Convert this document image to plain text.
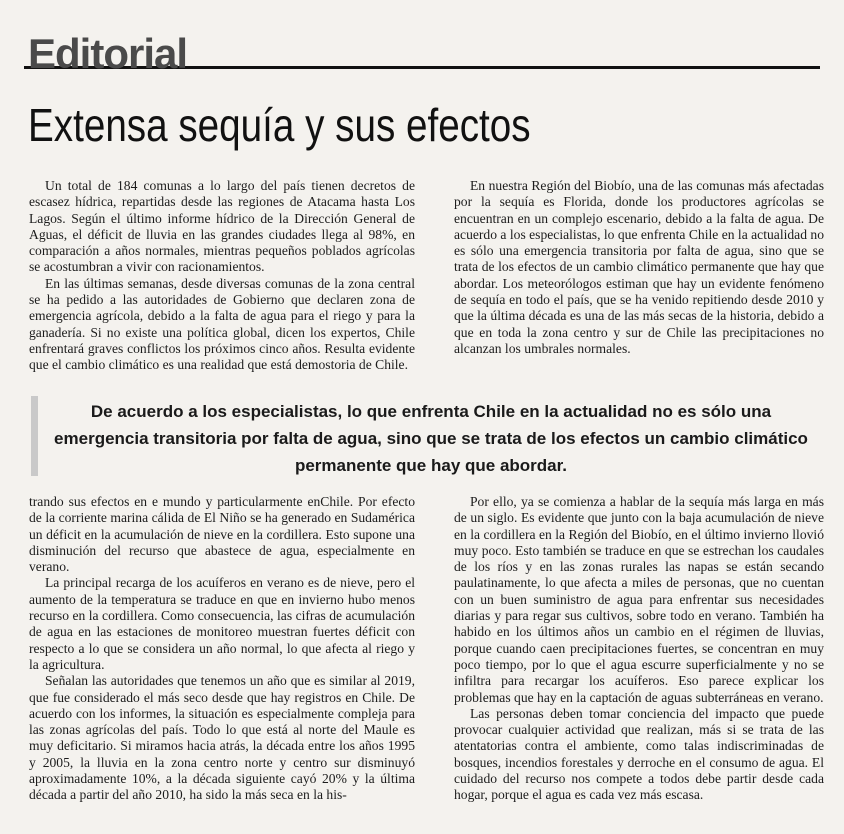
Editorial
Extensa sequía y sus efectos

Un total de 184 comunas a lo largo del país tienen decretos de escasez hídrica, repartidas desde las regiones de Atacama hasta Los Lagos. Según el último informe hídrico de la Dirección General de Aguas, el déficit de lluvia en las grandes ciudades llega al 98%, en comparación a años normales, mientras pequeños poblados agrícolas se acostumbran a vivir con racionamientos.

En las últimas semanas, desde diversas comunas de la zona central se ha pedido a las autoridades de Gobierno que declaren zona de emergencia agrícola, debido a la falta de agua para el riego y para la ganadería. Si no existe una política global, dicen los expertos, Chile enfrentará graves conflictos los próximos cinco años. Resulta evidente que el cambio climático es una realidad que está demostoria de Chile.

En nuestra Región del Biobío, una de las comunas más afectadas por la sequía es Florida, donde los productores agrícolas se encuentran en un complejo escenario, debido a la falta de agua. De acuerdo a los especialistas, lo que enfrenta Chile en la actualidad no es sólo una emergencia transitoria por falta de agua, sino que se trata de los efectos de un cambio climático permanente que hay que abordar. Los meteorólogos estiman que hay un evidente fenómeno de sequía en todo el país, que se ha venido repitiendo desde 2010 y que la última década es una de las más secas de la historia, debido a que en toda la zona centro y sur de Chile las precipitaciones no alcanzan los umbrales normales.

De acuerdo a los especialistas, lo que enfrenta Chile en la actualidad no es sólo una emergencia transitoria por falta de agua, sino que se trata de los efectos un cambio climático permanente que hay que abordar.

trando sus efectos en e mundo y particularmente enChile. Por efecto de la corriente marina cálida de El Niño se ha generado en Sudamérica un déficit en la acumulación de nieve en la cordillera. Esto supone una disminución del recurso que abastece de agua, especialmente en verano.

La principal recarga de los acuíferos en verano es de nieve, pero el aumento de la temperatura se traduce en que en invierno hubo menos recurso en la cordillera. Como consecuencia, las cifras de acumulación de agua en las estaciones de monitoreo muestran fuertes déficit con respecto a lo que se considera un año normal, lo que afecta al riego y la agricultura.

Señalan las autoridades que tenemos un año que es similar al 2019, que fue considerado el más seco desde que hay registros en Chile. De acuerdo con los informes, la situación es especialmente compleja para las zonas agrícolas del país. Todo lo que está al norte del Maule es muy deficitario. Si miramos hacia atrás, la década entre los años 1995 y 2005, la lluvia en la zona centro norte y centro sur disminuyó aproximadamente 10%, a la década siguiente cayó 20% y la última década a partir del año 2010, ha sido la más seca en la his-

Por ello, ya se comienza a hablar de la sequía más larga en más de un siglo. Es evidente que junto con la baja acumulación de nieve en la cordillera en la Región del Biobío, en el último invierno llovió muy poco. Esto también se traduce en que se estrechan los caudales de los ríos y en las zonas rurales las napas se están secando paulatinamente, lo que afecta a miles de personas, que no cuentan con un buen suministro de agua para enfrentar sus necesidades diarias y para regar sus cultivos, sobre todo en verano. También ha habido en los últimos años un cambio en el régimen de lluvias, porque cuando caen precipitaciones fuertes, se concentran en muy poco tiempo, por lo que el agua escurre superficialmente y no se infiltra para recargar los acuíferos. Eso parece explicar los problemas que hay en la captación de aguas subterráneas en verano.

Las personas deben tomar conciencia del impacto que puede provocar cualquier actividad que realizan, más si se trata de las atentatorias contra el ambiente, como talas indiscriminadas de bosques, incendios forestales y derroche en el consumo de agua. El cuidado del recurso nos compete a todos debe partir desde cada hogar, porque el agua es cada vez más escasa.
